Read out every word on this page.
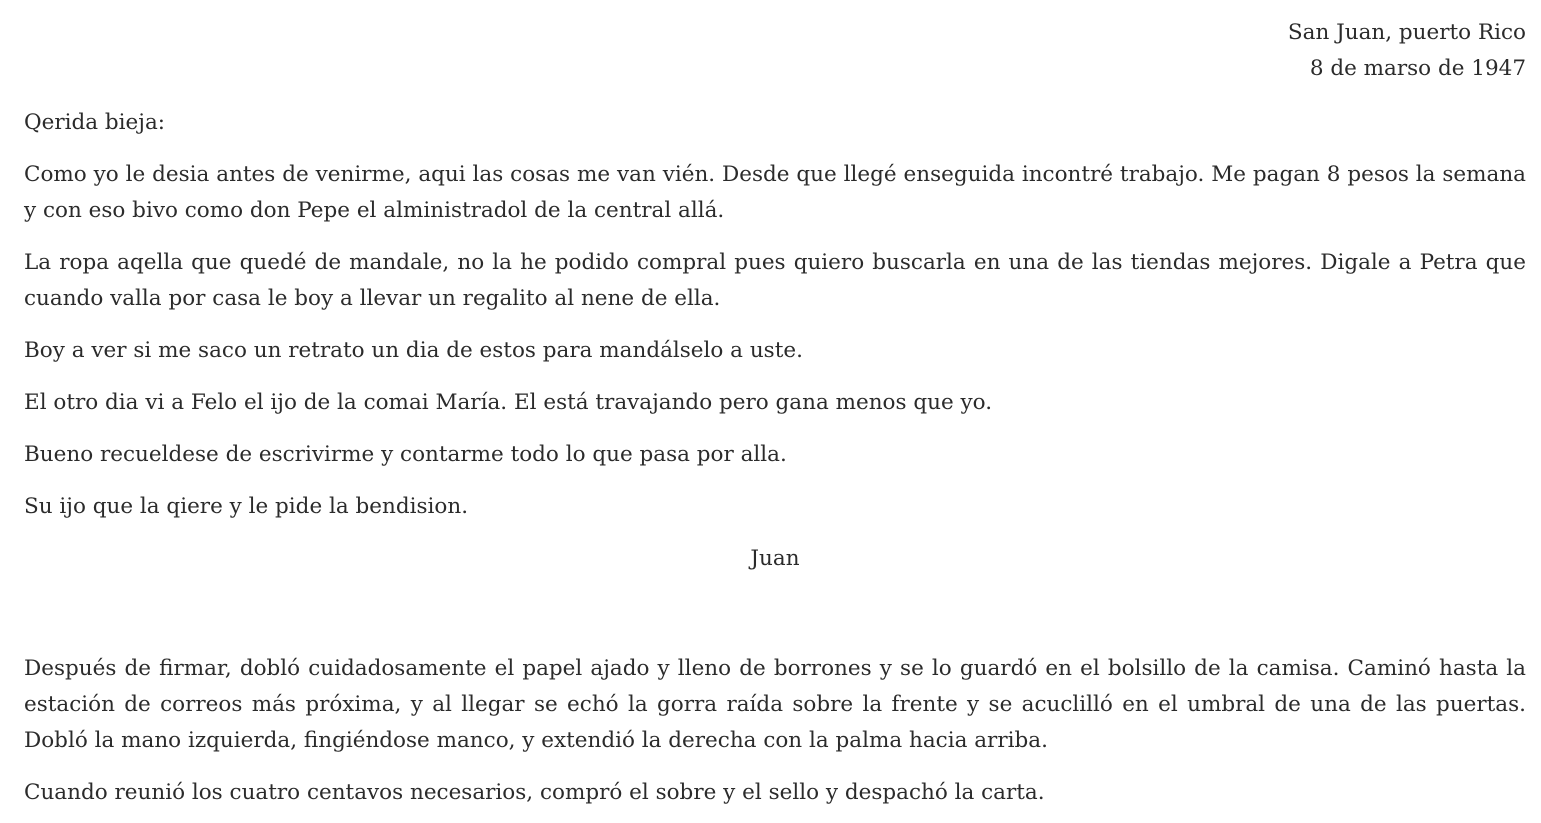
San Juan, puerto Rico
8 de marso de 1947

Qerida bieja:

Como yo le desia antes de venirme, aqui las cosas me van vién. Desde que llegé enseguida incontré trabajo. Me pagan 8 pesos la semana y con eso bivo como don Pepe el alministradol de la central allá.

La ropa aqella que quedé de mandale, no la he podido compral pues quiero buscarla en una de las tiendas mejores. Digale a Petra que cuando valla por casa le boy a llevar un regalito al nene de ella.

Boy a ver si me saco un retrato un dia de estos para mandálselo a uste.

El otro dia vi a Felo el ijo de la comai María. El está travajando pero gana menos que yo.

Bueno recueldese de escrivirme y contarme todo lo que pasa por alla.

Su ijo que la qiere y le pide la bendision.

Juan

Después de firmar, dobló cuidadosamente el papel ajado y lleno de borrones y se lo guardó en el bolsillo de la camisa. Caminó hasta la estación de correos más próxima, y al llegar se echó la gorra raída sobre la frente y se acuclilló en el umbral de una de las puertas. Dobló la mano izquierda, fingiéndose manco, y extendió la derecha con la palma hacia arriba.

Cuando reunió los cuatro centavos necesarios, compró el sobre y el sello y despachó la carta.
